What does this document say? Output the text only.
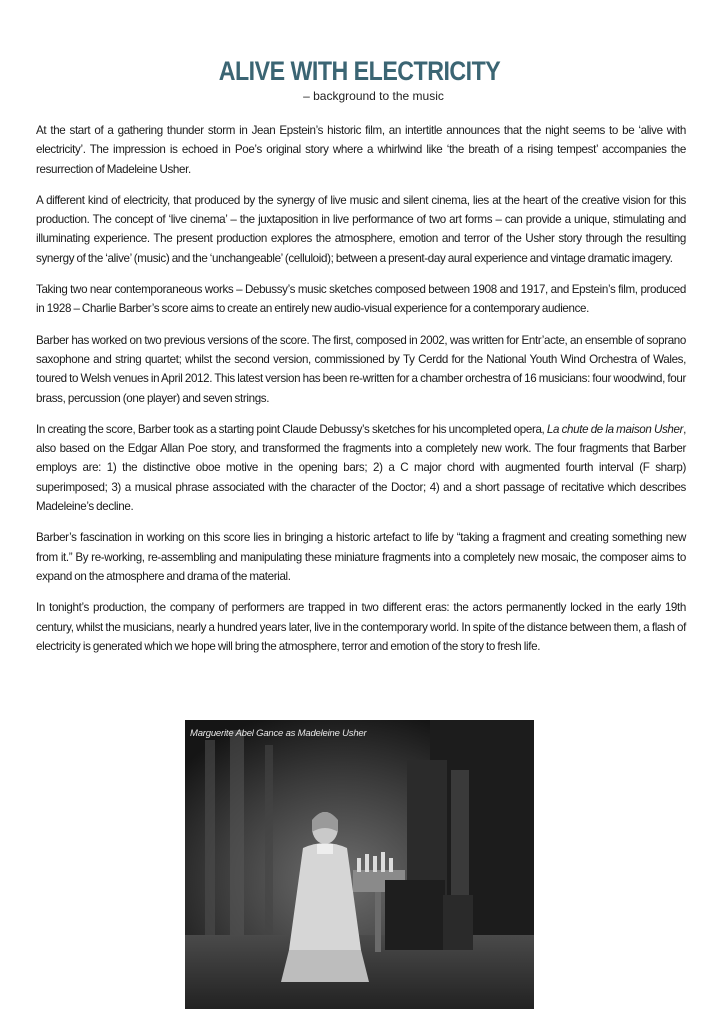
ALIVE WITH ELECTRICITY
– background to the music

At the start of a gathering thunder storm in Jean Epstein’s historic film, an intertitle announces that the night seems to be ‘alive with electricity’. The impression is echoed in Poe’s original story where a whirlwind like ‘the breath of a rising tempest’ accompanies the resurrection of Madeleine Usher.

A different kind of electricity, that produced by the synergy of live music and silent cinema, lies at the heart of the creative vision for this production. The concept of ‘live cinema’ – the juxtaposition in live performance of two art forms – can provide a unique, stimulating and illuminating experience. The present production explores the atmosphere, emotion and terror of the Usher story through the resulting synergy of the ‘alive’ (music) and the ‘unchangeable’ (celluloid); between a present-day aural experience and vintage dramatic imagery.

Taking two near contemporaneous works – Debussy’s music sketches composed between 1908 and 1917, and Epstein’s film, produced in 1928 – Charlie Barber’s score aims to create an entirely new audio-visual experience for a contemporary audience.

Barber has worked on two previous versions of the score. The first, composed in 2002, was written for Entr’acte, an ensemble of soprano saxophone and string quartet; whilst the second version, commissioned by Ty Cerdd for the National Youth Wind Orchestra of Wales, toured to Welsh venues in April 2012. This latest version has been re-written for a chamber orchestra of 16 musicians: four woodwind, four brass, percussion (one player) and seven strings.

In creating the score, Barber took as a starting point Claude Debussy’s sketches for his uncompleted opera, La chute de la maison Usher, also based on the Edgar Allan Poe story, and transformed the fragments into a completely new work. The four fragments that Barber employs are: 1) the distinctive oboe motive in the opening bars; 2) a C major chord with augmented fourth interval (F sharp) superimposed; 3) a musical phrase associated with the character of the Doctor; 4) and a short passage of recitative which describes Madeleine’s decline.

Barber’s fascination in working on this score lies in bringing a historic artefact to life by “taking a fragment and creating something new from it.” By re-working, re-assembling and manipulating these miniature fragments into a completely new mosaic, the composer aims to expand on the atmosphere and drama of the material.

In tonight’s production, the company of performers are trapped in two different eras: the actors permanently locked in the early 19th century, whilst the musicians, nearly a hundred years later, live in the contemporary world. In spite of the distance between them, a flash of electricity is generated which we hope will bring the atmosphere, terror and emotion of the story to fresh life.

Marguerite Abel Gance as Madeleine Usher
